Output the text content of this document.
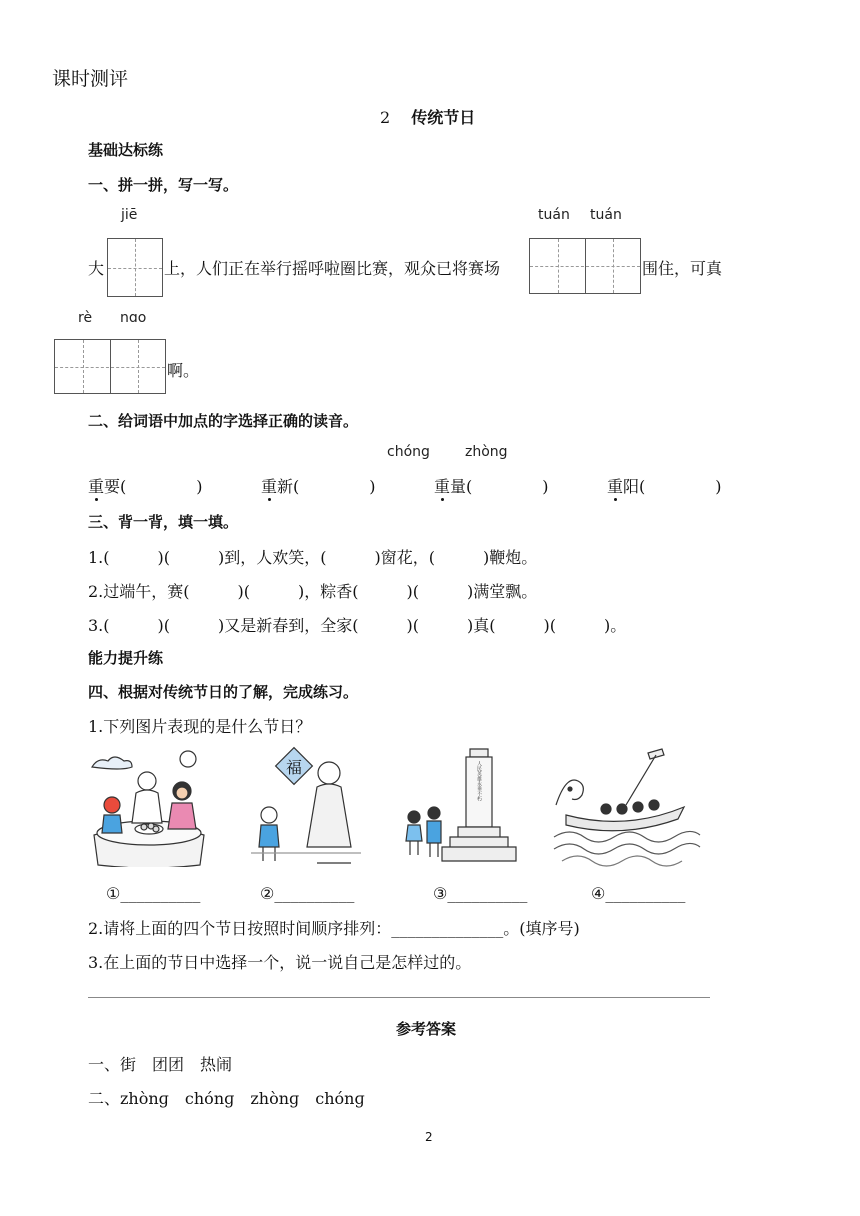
课时测评
2 传统节日
基础达标练
一、拼一拼，写一写。
jiē	tuán tuán
大	上，人们正在举行摇呼啦圈比赛，观众已将赛场	围住，可真
rè nɑo
啊。
二、给词语中加点的字选择正确的读音。
chóng	zhòng
重要(	)	重新(	)	重量(	)	重阳(	)
三、背一背，填一填。
1.(	)(	)到，人欢笑，(	)窗花，(	)鞭炮。
2.过端午，赛(	)(	)，粽香(	)(	)满堂飘。
3.(	)(	)又是新春到，全家(	)(	)真(	)(	)。
能力提升练
四、根据对传统节日的了解，完成练习。
1.下列图片表现的是什么节日？
福	人民英雄永垂不朽
①__________	②__________	③__________	④__________
2.请将上面的四个节日按照时间顺序排列：______________。(填序号)
3.在上面的节日中选择一个，说一说自己是怎样过的。
参考答案
一、街　团团　热闹
二、zhònɡ　chónɡ　zhònɡ　chónɡ
2
